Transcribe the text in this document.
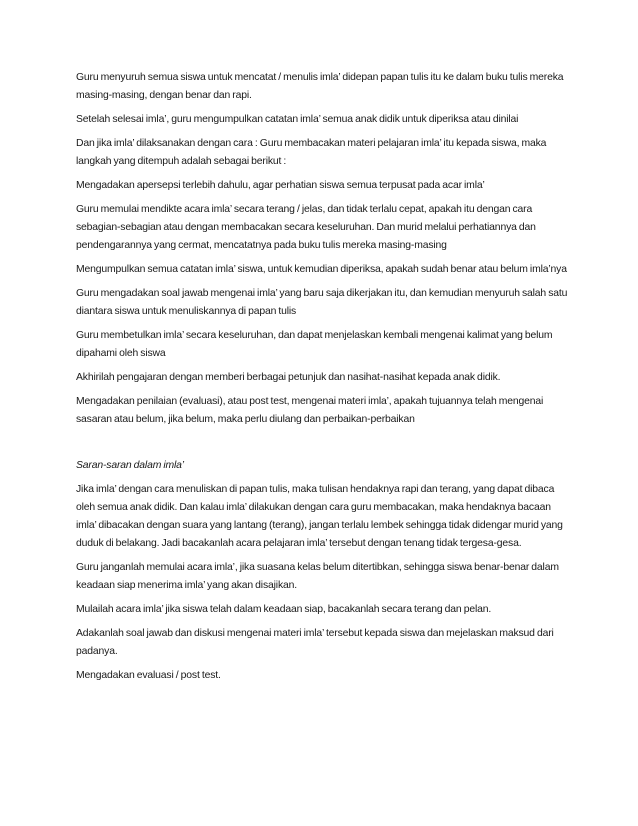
Guru menyuruh semua siswa untuk mencatat / menulis imla’ didepan papan tulis itu ke dalam buku tulis mereka masing-masing, dengan benar dan rapi.

Setelah selesai imla’, guru mengumpulkan catatan imla’ semua anak didik untuk diperiksa atau dinilai

Dan jika imla’ dilaksanakan dengan cara : Guru membacakan materi pelajaran imla’ itu kepada siswa, maka langkah yang ditempuh adalah sebagai berikut :

Mengadakan apersepsi terlebih dahulu, agar perhatian siswa semua terpusat pada acar imla’

Guru memulai mendikte acara imla’ secara terang / jelas, dan tidak terlalu cepat, apakah itu dengan cara sebagian-sebagian atau dengan membacakan secara keseluruhan. Dan murid melalui perhatiannya dan pendengarannya yang cermat, mencatatnya pada buku tulis mereka masing-masing

Mengumpulkan semua catatan imla’ siswa, untuk kemudian diperiksa, apakah sudah benar atau belum imla’nya

Guru mengadakan soal jawab mengenai imla’ yang baru saja dikerjakan itu, dan kemudian menyuruh salah satu diantara siswa untuk menuliskannya di papan tulis

Guru membetulkan imla’ secara keseluruhan, dan dapat menjelaskan kembali mengenai kalimat yang belum dipahami oleh siswa

Akhirilah pengajaran dengan memberi berbagai petunjuk dan nasihat-nasihat kepada anak didik.

Mengadakan penilaian (evaluasi), atau post test, mengenai materi imla’, apakah tujuannya telah mengenai sasaran atau belum, jika belum, maka perlu diulang dan perbaikan-perbaikan

Saran-saran dalam imla’

Jika imla’ dengan cara menuliskan di papan tulis, maka tulisan hendaknya rapi dan terang, yang dapat dibaca oleh semua anak didik. Dan kalau imla’ dilakukan dengan cara guru membacakan, maka hendaknya bacaan imla’ dibacakan dengan suara yang lantang (terang), jangan terlalu lembek sehingga tidak didengar murid yang duduk di belakang. Jadi bacakanlah acara pelajaran imla’ tersebut dengan tenang tidak tergesa-gesa.

Guru janganlah memulai acara imla’, jika suasana kelas belum ditertibkan, sehingga siswa benar-benar dalam keadaan siap menerima imla’ yang akan disajikan.

Mulailah acara imla’ jika siswa telah dalam keadaan siap, bacakanlah secara terang dan pelan.

Adakanlah soal jawab dan diskusi mengenai materi imla’ tersebut kepada siswa dan mejelaskan maksud dari padanya.

Mengadakan evaluasi / post test.
